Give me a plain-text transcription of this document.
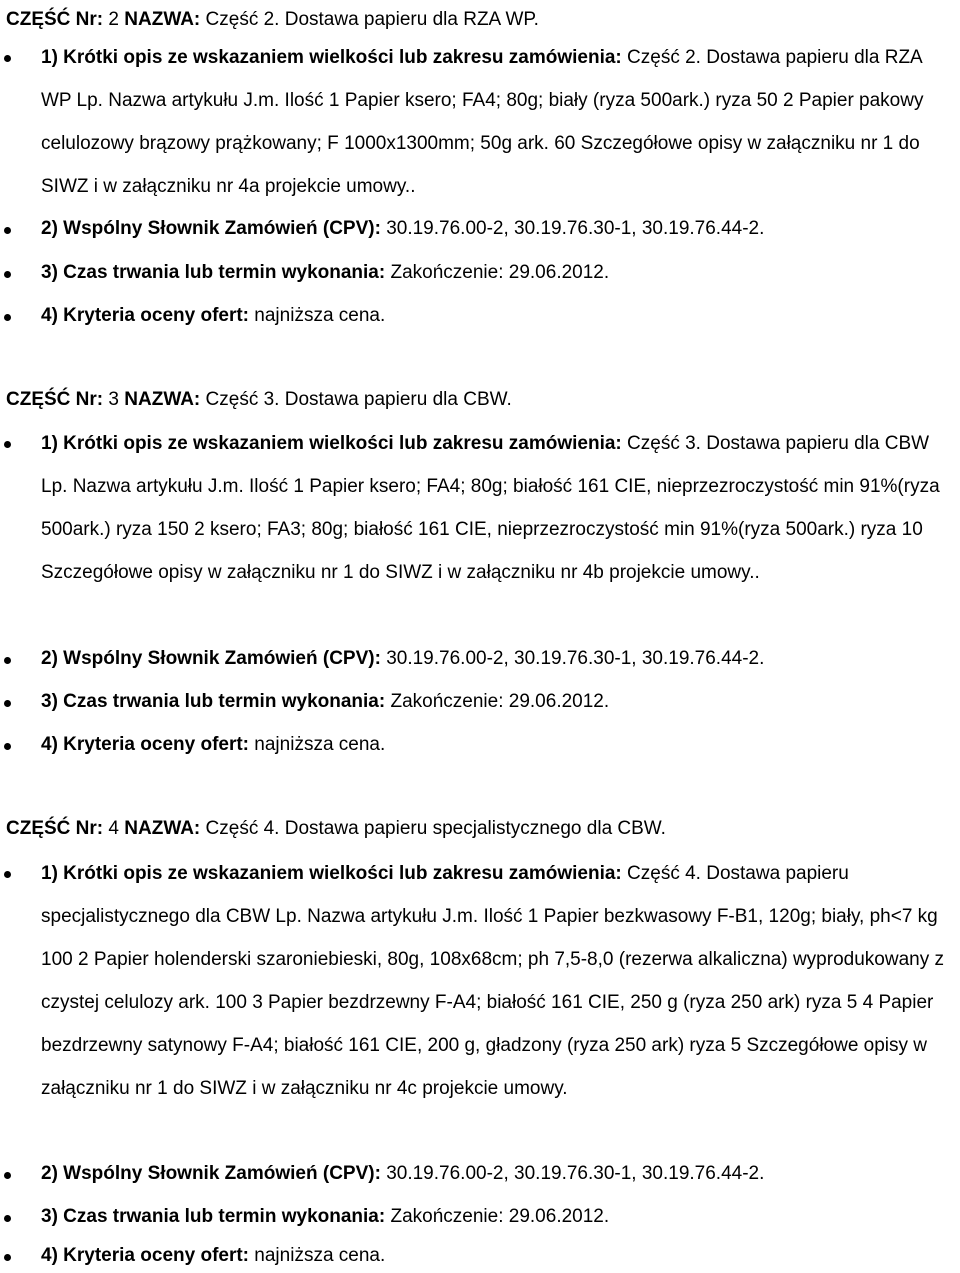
CZĘŚĆ Nr: 2 NAZWA: Część 2. Dostawa papieru dla RZA WP.
1) Krótki opis ze wskazaniem wielkości lub zakresu zamówienia: Część 2. Dostawa papieru dla RZA WP Lp. Nazwa artykułu J.m. Ilość 1 Papier ksero; FA4; 80g; biały (ryza 500ark.) ryza 50 2 Papier pakowy celulozowy brązowy prążkowany; F 1000x1300mm; 50g ark. 60 Szczegółowe opisy w załączniku nr 1 do SIWZ i w załączniku nr 4a projekcie umowy..
2) Wspólny Słownik Zamówień (CPV): 30.19.76.00-2, 30.19.76.30-1, 30.19.76.44-2.
3) Czas trwania lub termin wykonania: Zakończenie: 29.06.2012.
4) Kryteria oceny ofert: najniższa cena.
CZĘŚĆ Nr: 3 NAZWA: Część 3. Dostawa papieru dla CBW.
1) Krótki opis ze wskazaniem wielkości lub zakresu zamówienia: Część 3. Dostawa papieru dla CBW Lp. Nazwa artykułu J.m. Ilość 1 Papier ksero; FA4; 80g; białość 161 CIE, nieprzezroczystość min 91%(ryza 500ark.) ryza 150 2 ksero; FA3; 80g; białość 161 CIE, nieprzezroczystość min 91%(ryza 500ark.) ryza 10 Szczegółowe opisy w załączniku nr 1 do SIWZ i w załączniku nr 4b projekcie umowy..
2) Wspólny Słownik Zamówień (CPV): 30.19.76.00-2, 30.19.76.30-1, 30.19.76.44-2.
3) Czas trwania lub termin wykonania: Zakończenie: 29.06.2012.
4) Kryteria oceny ofert: najniższa cena.
CZĘŚĆ Nr: 4 NAZWA: Część 4. Dostawa papieru specjalistycznego dla CBW.
1) Krótki opis ze wskazaniem wielkości lub zakresu zamówienia: Część 4. Dostawa papieru specjalistycznego dla CBW Lp. Nazwa artykułu J.m. Ilość 1 Papier bezkwasowy F-B1, 120g; biały, ph<7 kg 100 2 Papier holenderski szaroniebieski, 80g, 108x68cm; ph 7,5-8,0 (rezerwa alkaliczna) wyprodukowany z czystej celulozy ark. 100 3 Papier bezdrzewny F-A4; białość 161 CIE, 250 g (ryza 250 ark) ryza 5 4 Papier bezdrzewny satynowy F-A4; białość 161 CIE, 200 g, gładzony (ryza 250 ark) ryza 5 Szczegółowe opisy w załączniku nr 1 do SIWZ i w załączniku nr 4c projekcie umowy.
2) Wspólny Słownik Zamówień (CPV): 30.19.76.00-2, 30.19.76.30-1, 30.19.76.44-2.
3) Czas trwania lub termin wykonania: Zakończenie: 29.06.2012.
4) Kryteria oceny ofert: najniższa cena.
